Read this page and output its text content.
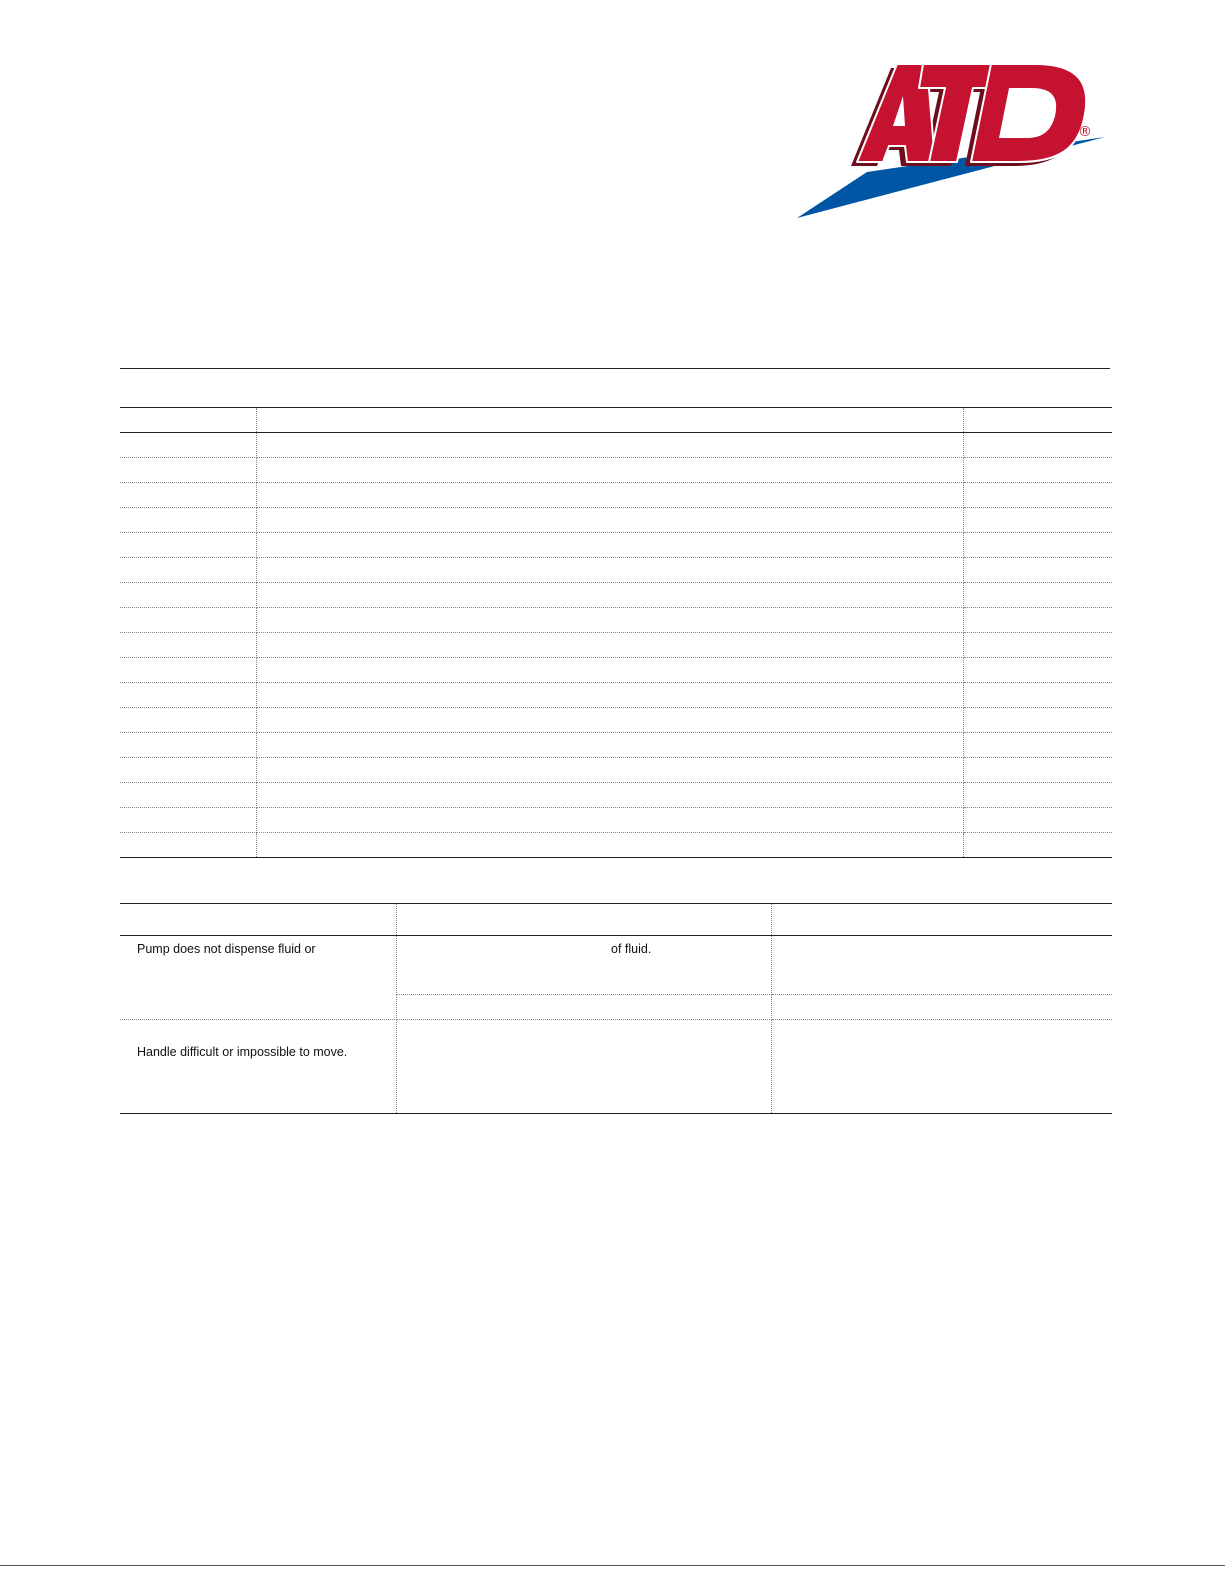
®

Pump does not dispense fluid or	of fluid.	

Handle difficult or impossible to move.		
